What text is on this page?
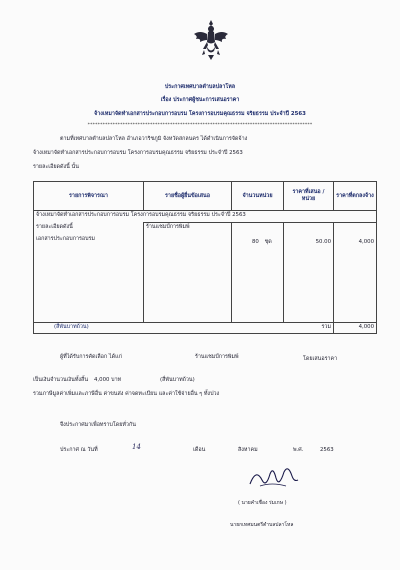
ประกาศเทศบาลตำบลปลาโหล
เรื่อง ประกาศผู้ชนะการเสนอราคา
จ้างเหมาจัดทำเอกสารประกอบการอบรม โครงการอบรมคุณธรรม จริยธรรม ประจำปี 2563
******************************************************************************************
ตามที่เทศบาลตำบลปลาโหล อำเภอวาริชภูมิ จังหวัดสกลนคร ได้ดำเนินการจัดจ้าง
จ้างเหมาจัดทำเอกสารประกอบการอบรม โครงการอบรมคุณธรรม จริยธรรม ประจำปี 2563
รายละเอียดดังนี้ นั้น
รายการพิจารณา	รายชื่อผู้ยื่นข้อเสนอ	จำนวนหน่วย	ราคาที่เสนอ / หน่วย	ราคาที่ตกลงจ้าง
จ้างเหมาจัดทำเอกสารประกอบการอบรม โครงการอบรมคุณธรรม จริยธรรม ประจำปี 2563				

รายละเอียดดังนี้
เอกสารประกอบการอบรม	ร้านแชมป์การพิมพ์	80 ชุด	50.00	4,000
(สี่พันบาทถ้วน)			รวม	4,000
ผู้ที่ได้รับการคัดเลือก ได้แก่	ร้านแชมป์การพิมพ์	โดยเสนอราคา
เป็นเงินจำนวนเงินทั้งสิ้น 4,000 บาท	(สี่พันบาทถ้วน)
รวมภาษีมูลค่าเพิ่มและภาษีอื่น ค่าขนส่ง ค่าจดทะเบียน และค่าใช้จ่ายอื่น ๆ ทั้งปวง
จึงประกาศมาเพื่อทราบโดยทั่วกัน
ประกาศ ณ วันที่	14	เดือน	สิงหาคม	พ.ศ.	2563
( นายคำเชื่อง ร่มเกษ )
นายกเทศมนตรีตำบลปลาโหล
